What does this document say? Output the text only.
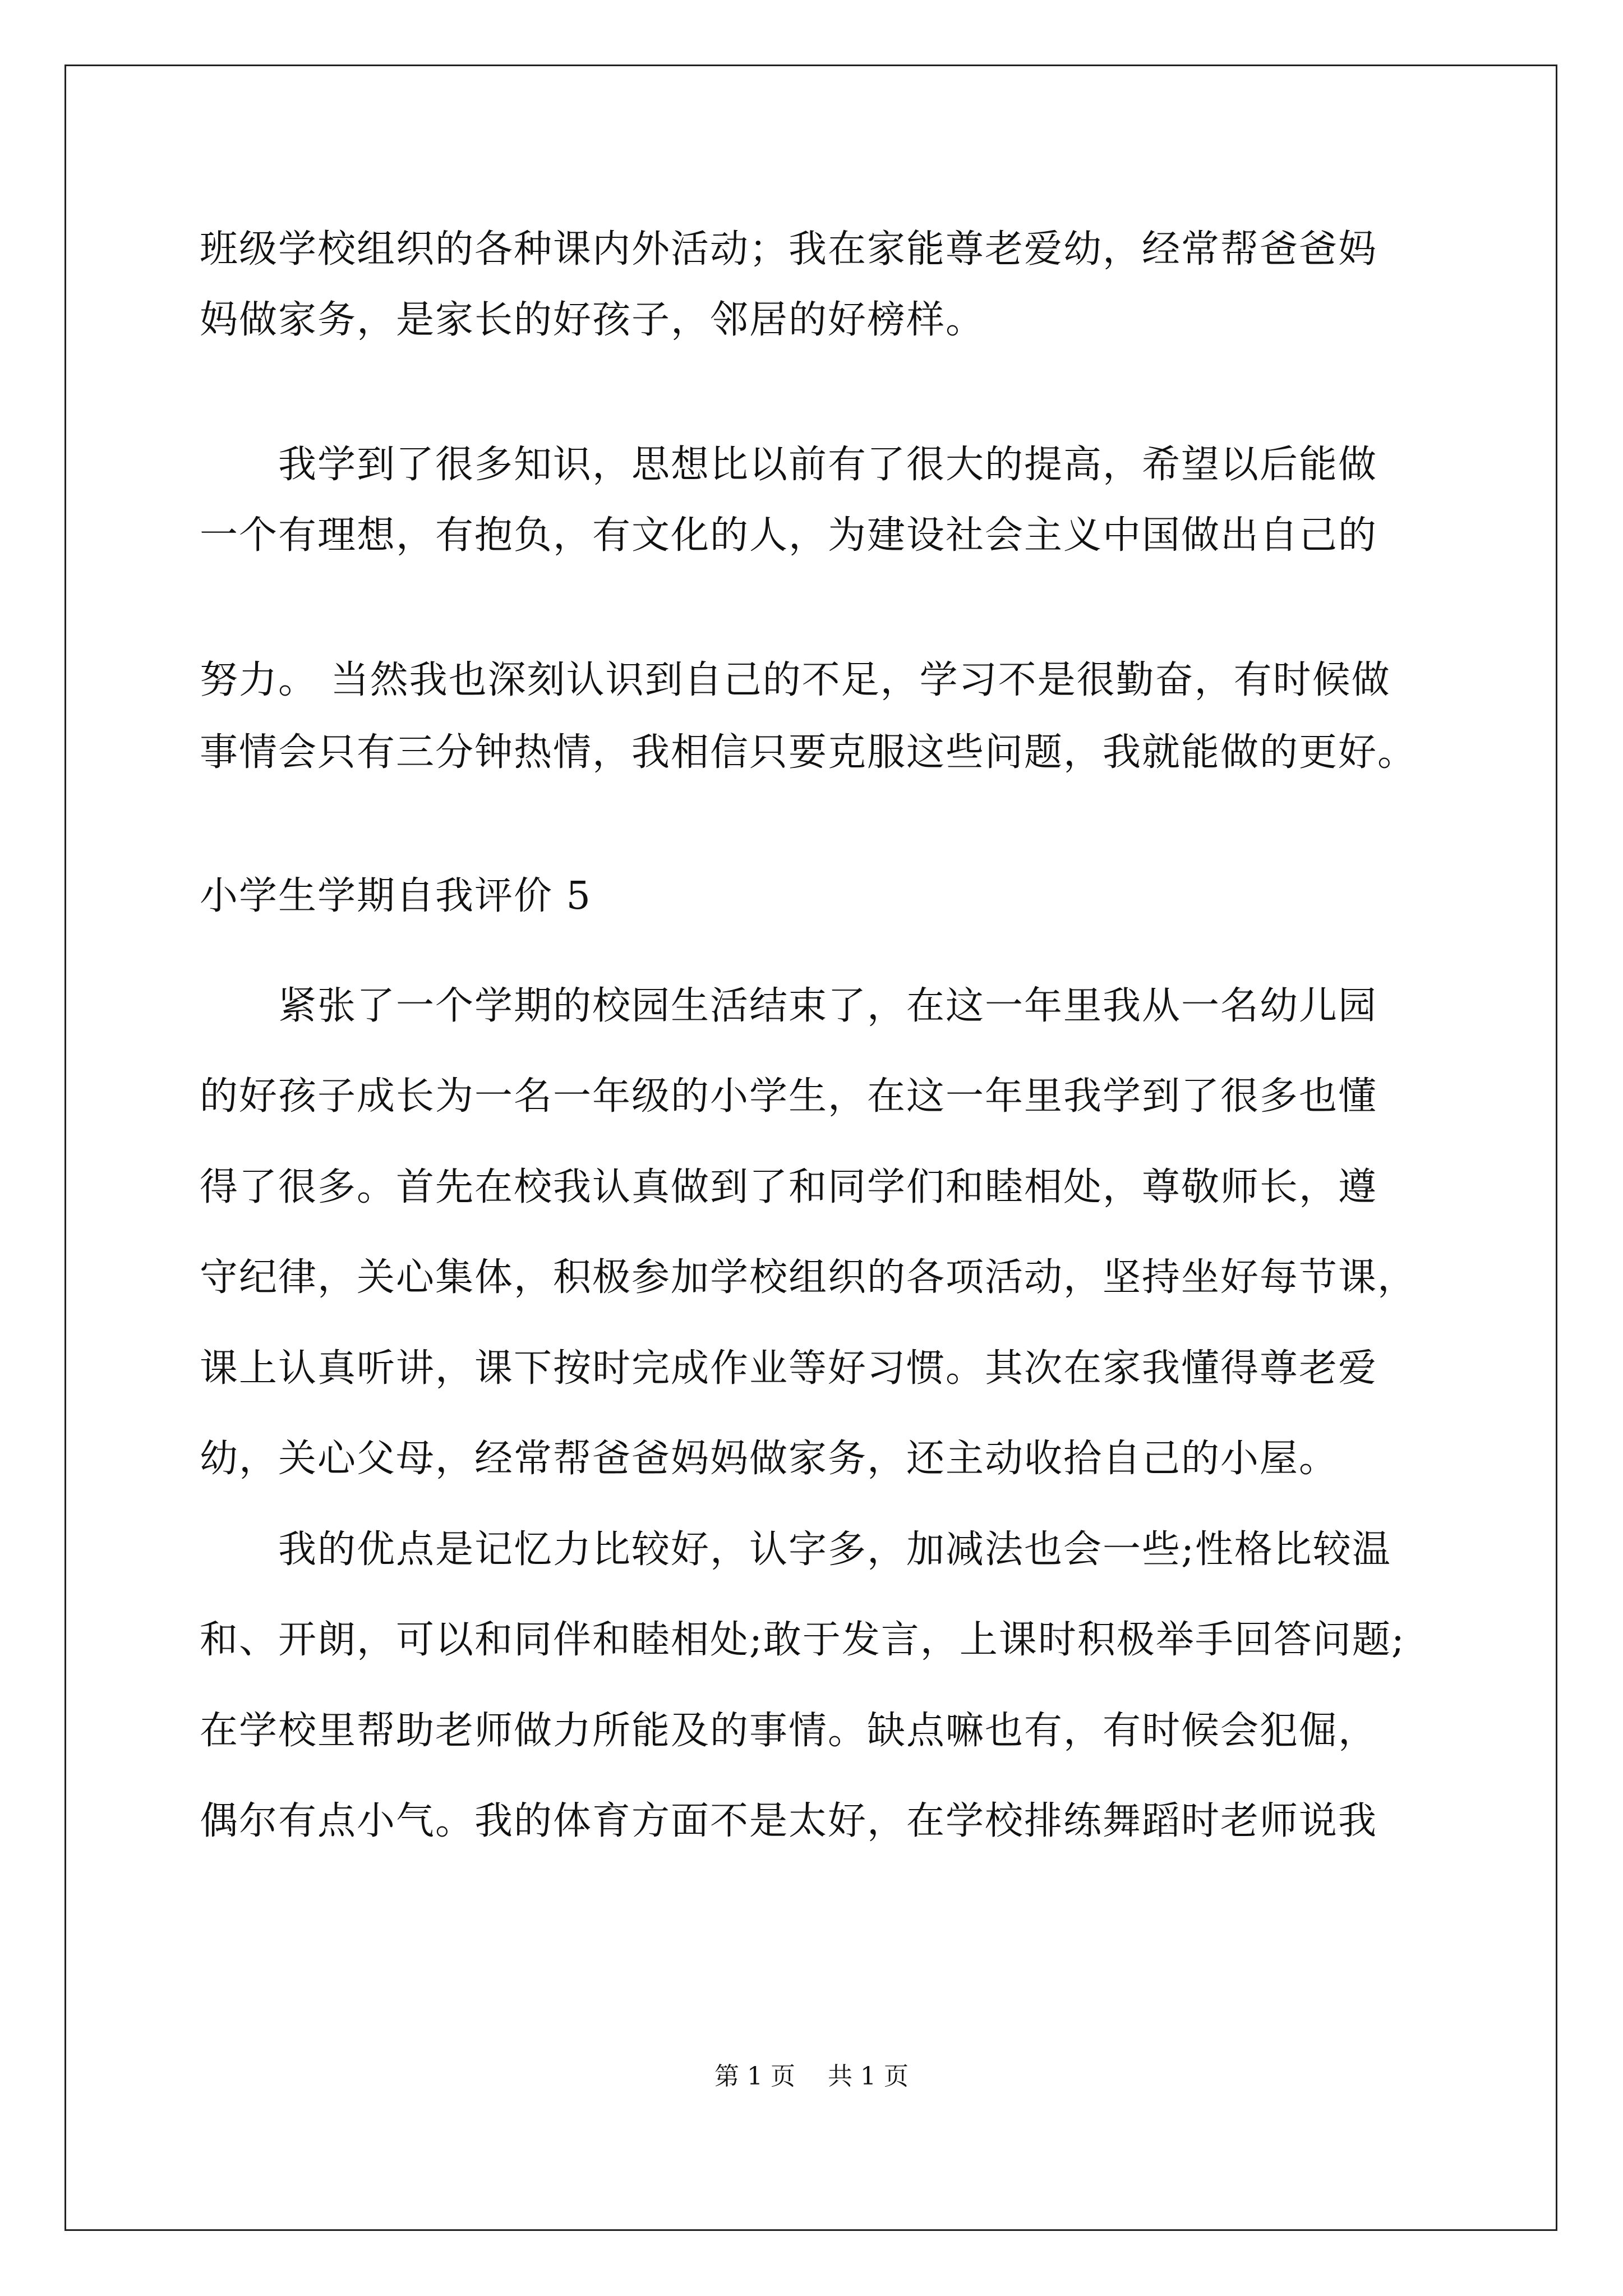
班级学校组织的各种课内外活动；我在家能尊老爱幼，经常帮爸爸妈
妈做家务，是家长的好孩子，邻居的好榜样。
　　我学到了很多知识，思想比以前有了很大的提高，希望以后能做
一个有理想，有抱负，有文化的人，为建设社会主义中国做出自己的
努力。 当然我也深刻认识到自己的不足，学习不是很勤奋，有时候做
事情会只有三分钟热情，我相信只要克服这些问题，我就能做的更好。
小学生学期自我评价 5
　　紧张了一个学期的校园生活结束了，在这一年里我从一名幼儿园
的好孩子成长为一名一年级的小学生，在这一年里我学到了很多也懂
得了很多。首先在校我认真做到了和同学们和睦相处，尊敬师长，遵
守纪律，关心集体，积极参加学校组织的各项活动，坚持坐好每节课，
课上认真听讲，课下按时完成作业等好习惯。其次在家我懂得尊老爱
幼，关心父母，经常帮爸爸妈妈做家务，还主动收拾自己的小屋。
　　我的优点是记忆力比较好，认字多，加减法也会一些;性格比较温
和、开朗，可以和同伴和睦相处;敢于发言，上课时积极举手回答问题;
在学校里帮助老师做力所能及的事情。缺点嘛也有，有时候会犯倔，
偶尔有点小气。我的体育方面不是太好，在学校排练舞蹈时老师说我
第 1 页　 共 1 页
